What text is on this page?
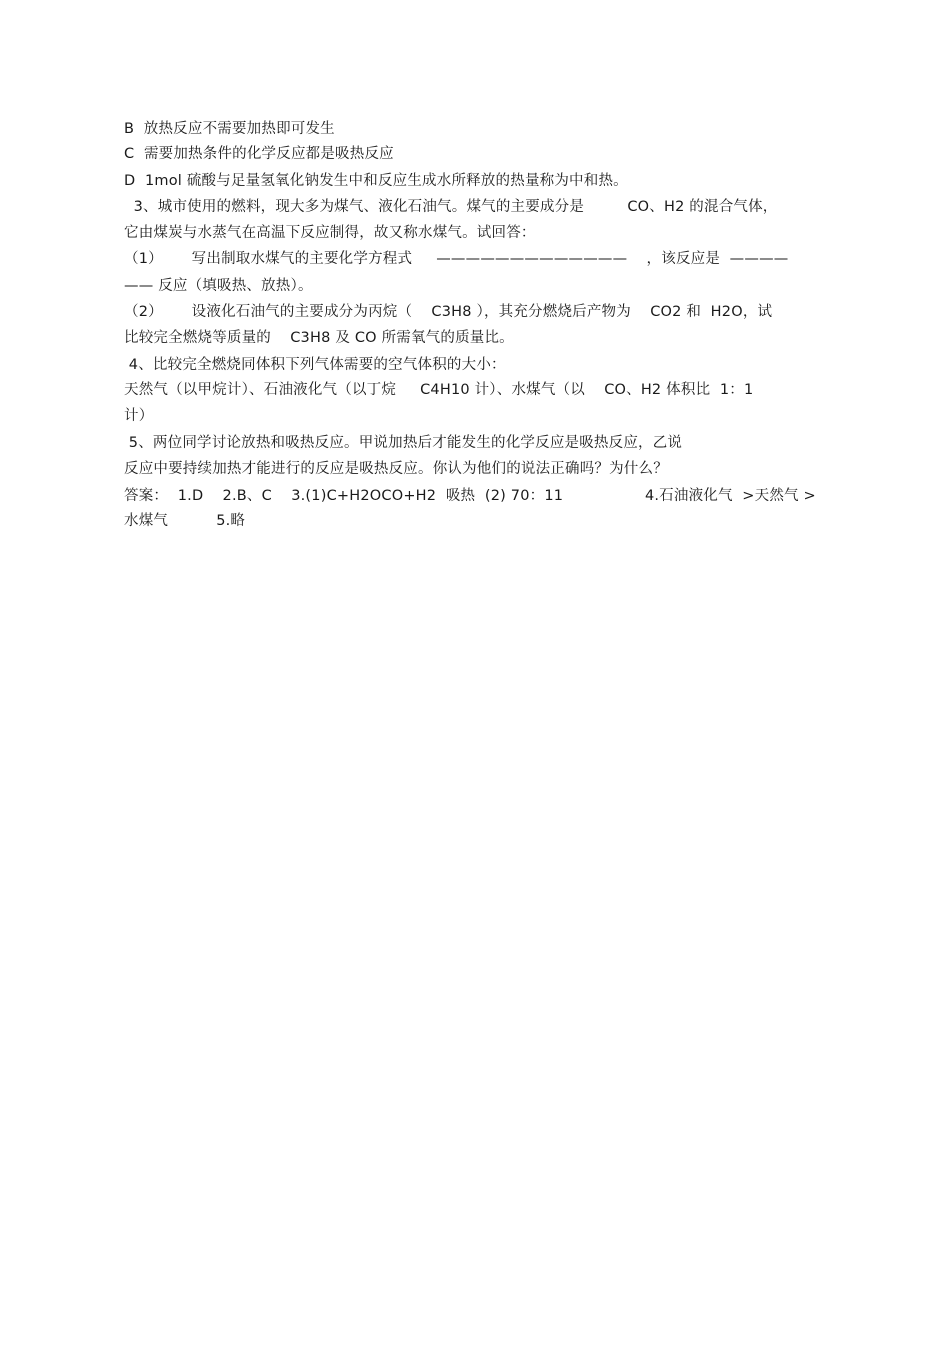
B  放热反应不需要加热即可发生
C  需要加热条件的化学反应都是吸热反应
D  1mol 硫酸与足量氢氧化钠发生中和反应生成水所释放的热量称为中和热。
3、城市使用的燃料，现大多为煤气、液化石油气。煤气的主要成分是         CO、H2 的混合气体，
它由煤炭与水蒸气在高温下反应制得，故又称水煤气。试回答：
（1）      写出制取水煤气的主要化学方程式     —————————————    ，该反应是  ————
—— 反应（填吸热、放热）。
（2）      设液化石油气的主要成分为丙烷（    C3H8 ），其充分燃烧后产物为    CO2 和  H2O，试
比较完全燃烧等质量的    C3H8 及 CO 所需氧气的质量比。
4、比较完全燃烧同体积下列气体需要的空气体积的大小：
天然气（以甲烷计）、石油液化气（以丁烷     C4H10 计）、水煤气（以    CO、H2 体积比  1：1
计）
5、两位同学讨论放热和吸热反应。甲说加热后才能发生的化学反应是吸热反应，乙说
反应中要持续加热才能进行的反应是吸热反应。你认为他们的说法正确吗？为什么？
答案：  1.D    2.B、C    3.(1)C+H2OCO+H2  吸热  (2) 70：11                 4.石油液化气  >天然气 >
水煤气          5.略
